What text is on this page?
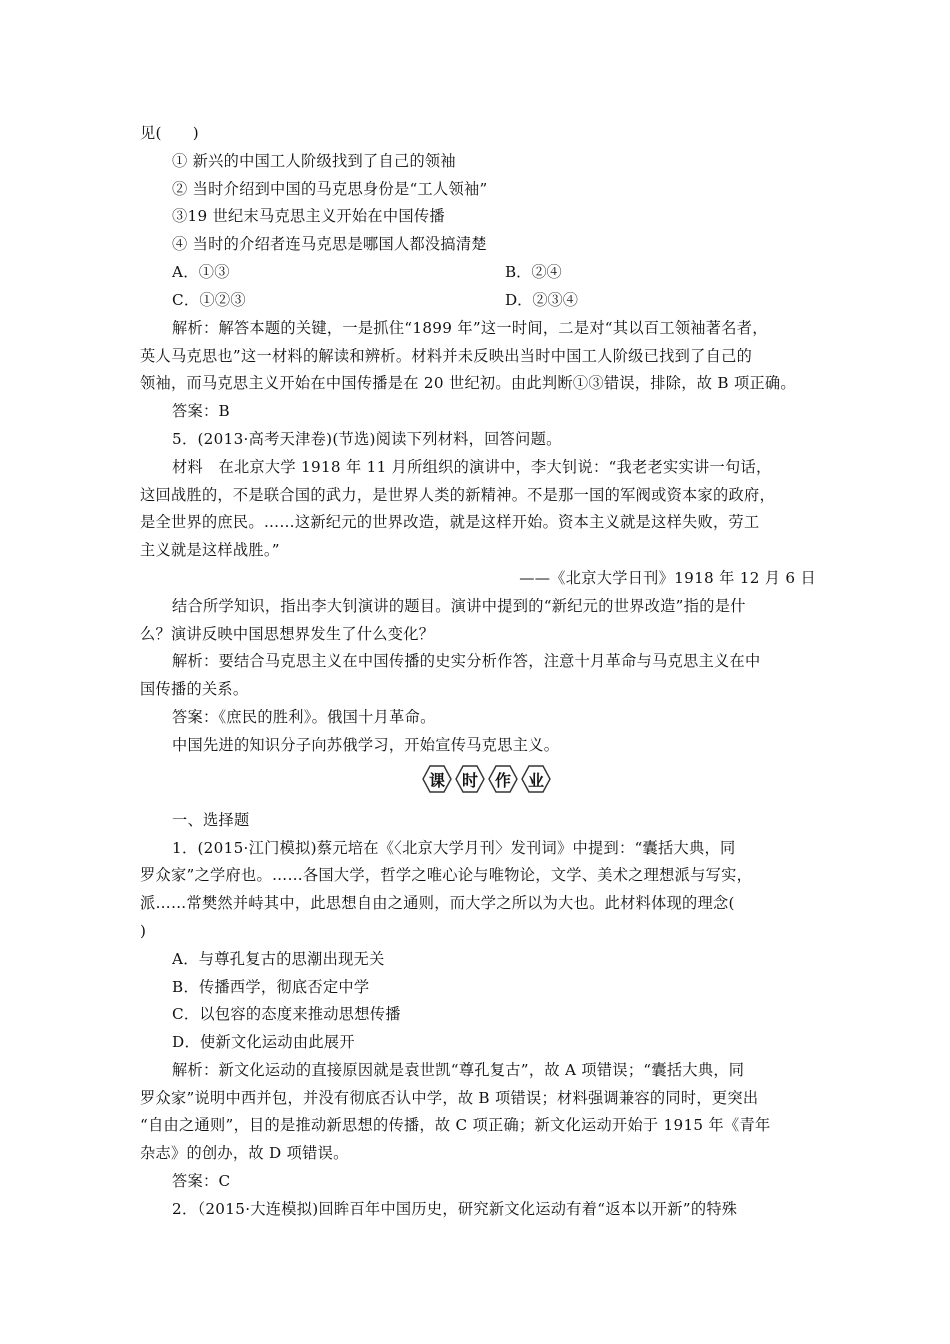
见(　　)
① 新兴的中国工人阶级找到了自己的领袖
② 当时介绍到中国的马克思身份是“工人领袖”
③19 世纪末马克思主义开始在中国传播
④ 当时的介绍者连马克思是哪国人都没搞清楚
A．①③	B．②④
C．①②③	D．②③④
解析：解答本题的关键，一是抓住“1899 年”这一时间，二是对“其以百工领袖著名者，
英人马克思也”这一材料的解读和辨析。材料并未反映出当时中国工人阶级已找到了自己的
领袖，而马克思主义开始在中国传播是在 20 世纪初。由此判断①③错误，排除，故 B 项正确。
答案：B
5．(2013·高考天津卷)(节选)阅读下列材料，回答问题。
材料　在北京大学 1918 年 11 月所组织的演讲中，李大钊说：“我老老实实讲一句话，
这回战胜的，不是联合国的武力，是世界人类的新精神。不是那一国的军阀或资本家的政府，
是全世界的庶民。……这新纪元的世界改造，就是这样开始。资本主义就是这样失败，劳工
主义就是这样战胜。”
——《北京大学日刊》1918 年 12 月 6 日
结合所学知识，指出李大钊演讲的题目。演讲中提到的“新纪元的世界改造”指的是什
么？演讲反映中国思想界发生了什么变化？
解析：要结合马克思主义在中国传播的史实分析作答，注意十月革命与马克思主义在中
国传播的关系。
答案：《庶民的胜利》。俄国十月革命。
中国先进的知识分子向苏俄学习，开始宣传马克思主义。
课 时 作 业
一、选择题
1．(2015·江门模拟)蔡元培在《〈北京大学月刊〉发刊词》中提到：“囊括大典，同
罗众家”之学府也。……各国大学，哲学之唯心论与唯物论，文学、美术之理想派与写实，
派……常樊然并峙其中，此思想自由之通则，而大学之所以为大也。此材料体现的理念(
)
A．与尊孔复古的思潮出现无关
B．传播西学，彻底否定中学
C．以包容的态度来推动思想传播
D．使新文化运动由此展开
解析：新文化运动的直接原因就是袁世凯“尊孔复古”，故 A 项错误；“囊括大典，同
罗众家”说明中西并包，并没有彻底否认中学，故 B 项错误；材料强调兼容的同时，更突出
“自由之通则”，目的是推动新思想的传播，故 C 项正确；新文化运动开始于 1915 年《青年
杂志》的创办，故 D 项错误。
答案：C
2．（2015·大连模拟)回眸百年中国历史，研究新文化运动有着“返本以开新”的特殊
